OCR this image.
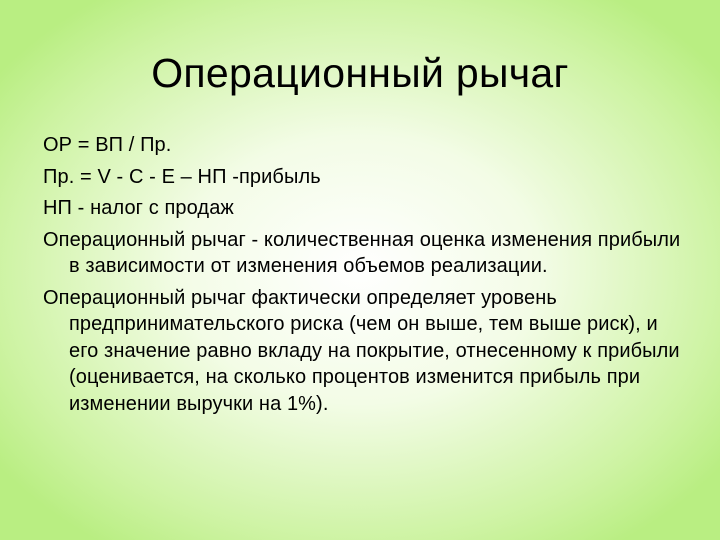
Операционный рычаг

ОР = ВП / Пр.

Пр. = V - C - E – НП -прибыль

НП - налог с продаж

Операционный рычаг - количественная оценка изменения прибыли в зависимости от изменения объемов реализации.

Операционный рычаг фактически определяет уровень предпринимательского риска (чем он выше, тем выше риск), и его значение равно вкладу на покрытие, отнесенному к прибыли (оценивается, на сколько процентов изменится прибыль при изменении выручки на 1%).
